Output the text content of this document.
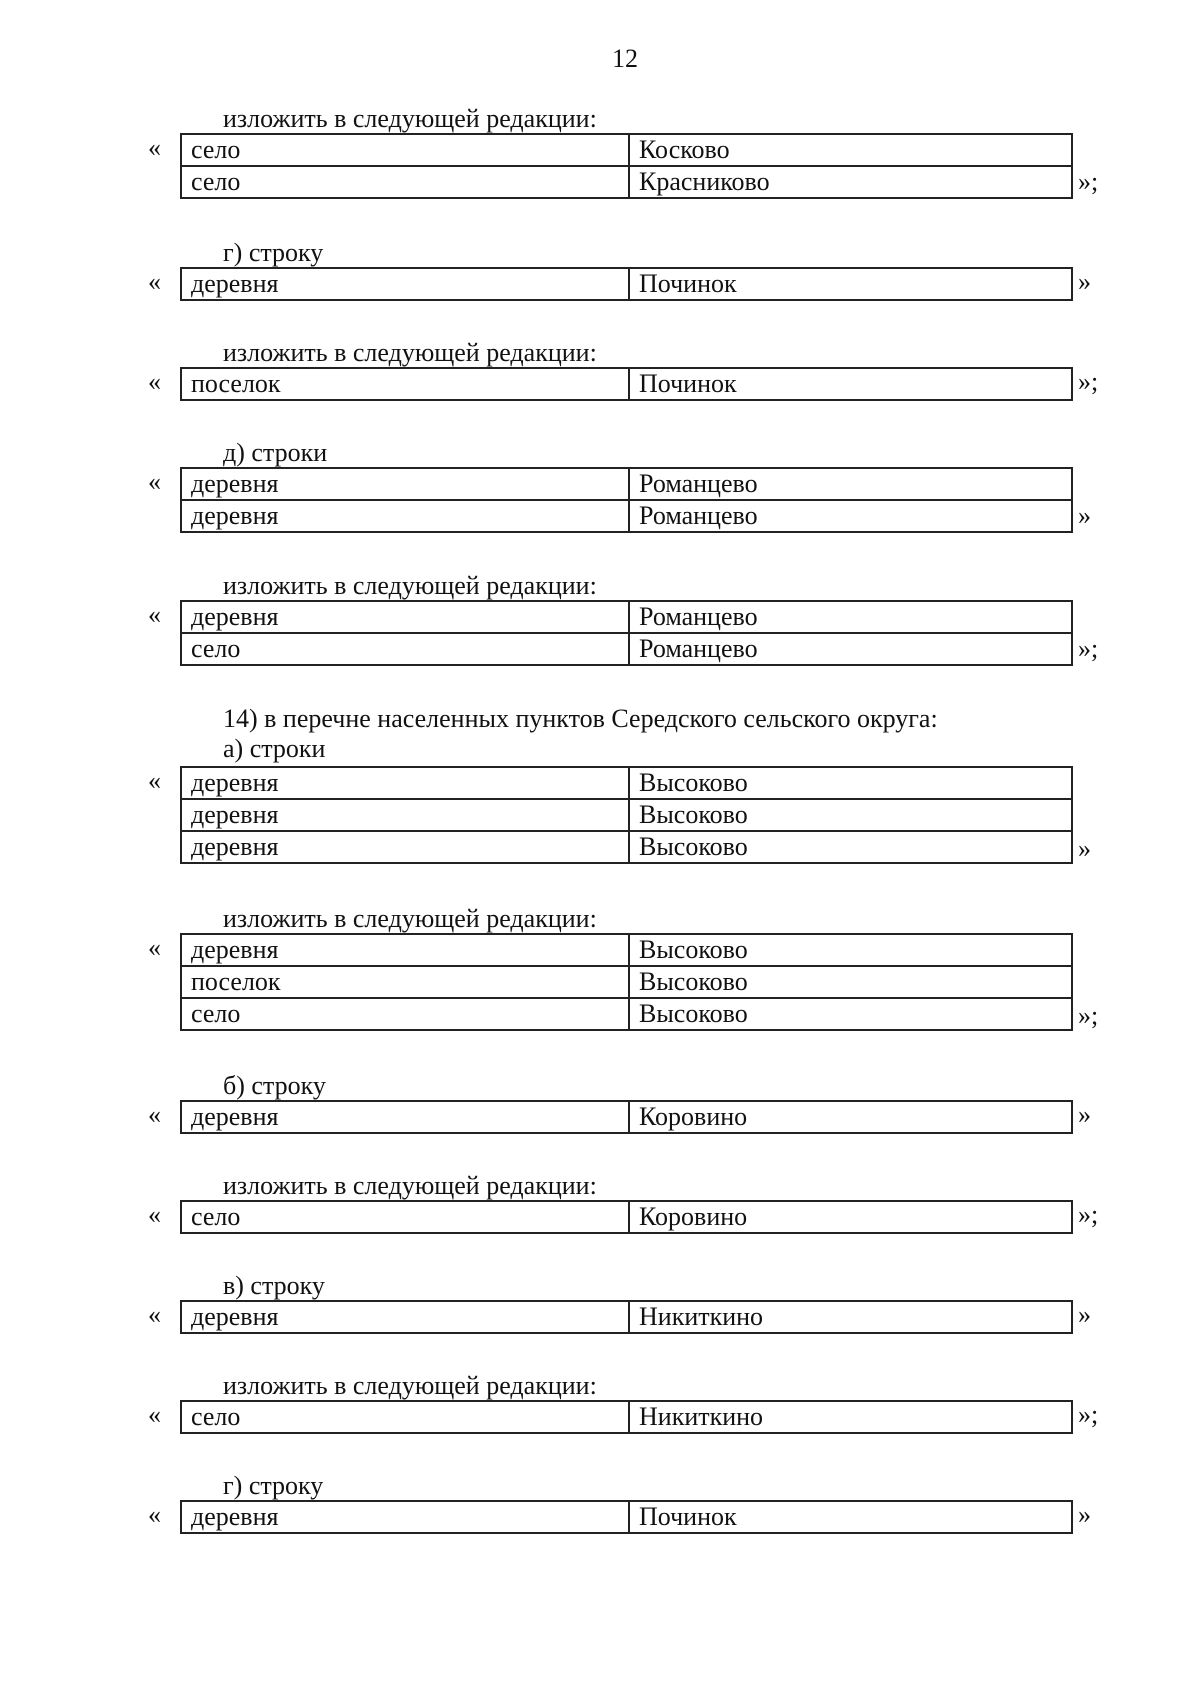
12
изложить в следующей редакции:
« село	Косково
село	Красниково	»;
г) строку
« деревня	Починок	»
изложить в следующей редакции:
« поселок	Починок	»;
д) строки
« деревня	Романцево
деревня	Романцево	»
изложить в следующей редакции:
« деревня	Романцево
село	Романцево	»;
14) в перечне населенных пунктов Середского сельского округа:
а) строки
« деревня	Высоково
деревня	Высоково
деревня	Высоково	»
изложить в следующей редакции:
« деревня	Высоково
поселок	Высоково
село	Высоково	»;
б) строку
« деревня	Коровино	»
изложить в следующей редакции:
« село	Коровино	»;
в) строку
« деревня	Никиткино	»
изложить в следующей редакции:
« село	Никиткино	»;
г) строку
« деревня	Починок	»
